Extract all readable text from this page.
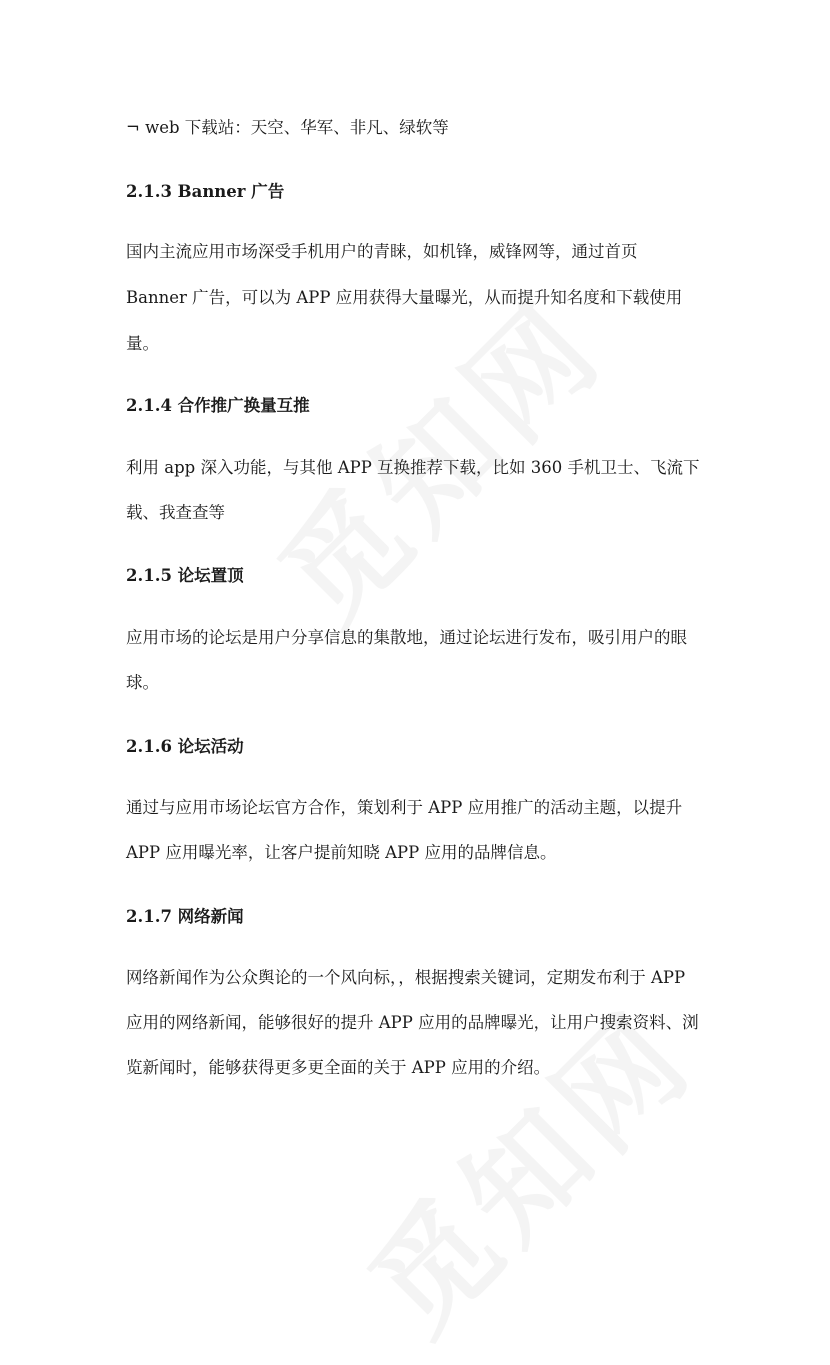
¬ web 下载站：天空、华军、非凡、绿软等
2.1.3 Banner 广告
国内主流应用市场深受手机用户的青睐，如机锋，威锋网等，通过首页
Banner 广告，可以为 APP 应用获得大量曝光，从而提升知名度和下载使用
量。
2.1.4 合作推广换量互推
利用 app 深入功能，与其他 APP 互换推荐下载，比如 360 手机卫士、飞流下
载、我查查等
2.1.5 论坛置顶
应用市场的论坛是用户分享信息的集散地，通过论坛进行发布，吸引用户的眼
球。
2.1.6 论坛活动
通过与应用市场论坛官方合作，策划利于 APP 应用推广的活动主题，以提升
APP 应用曝光率，让客户提前知晓 APP 应用的品牌信息。
2.1.7 网络新闻
网络新闻作为公众舆论的一个风向标，，根据搜索关键词，定期发布利于 APP
应用的网络新闻，能够很好的提升 APP 应用的品牌曝光，让用户搜索资料、浏
览新闻时，能够获得更多更全面的关于 APP 应用的介绍。
